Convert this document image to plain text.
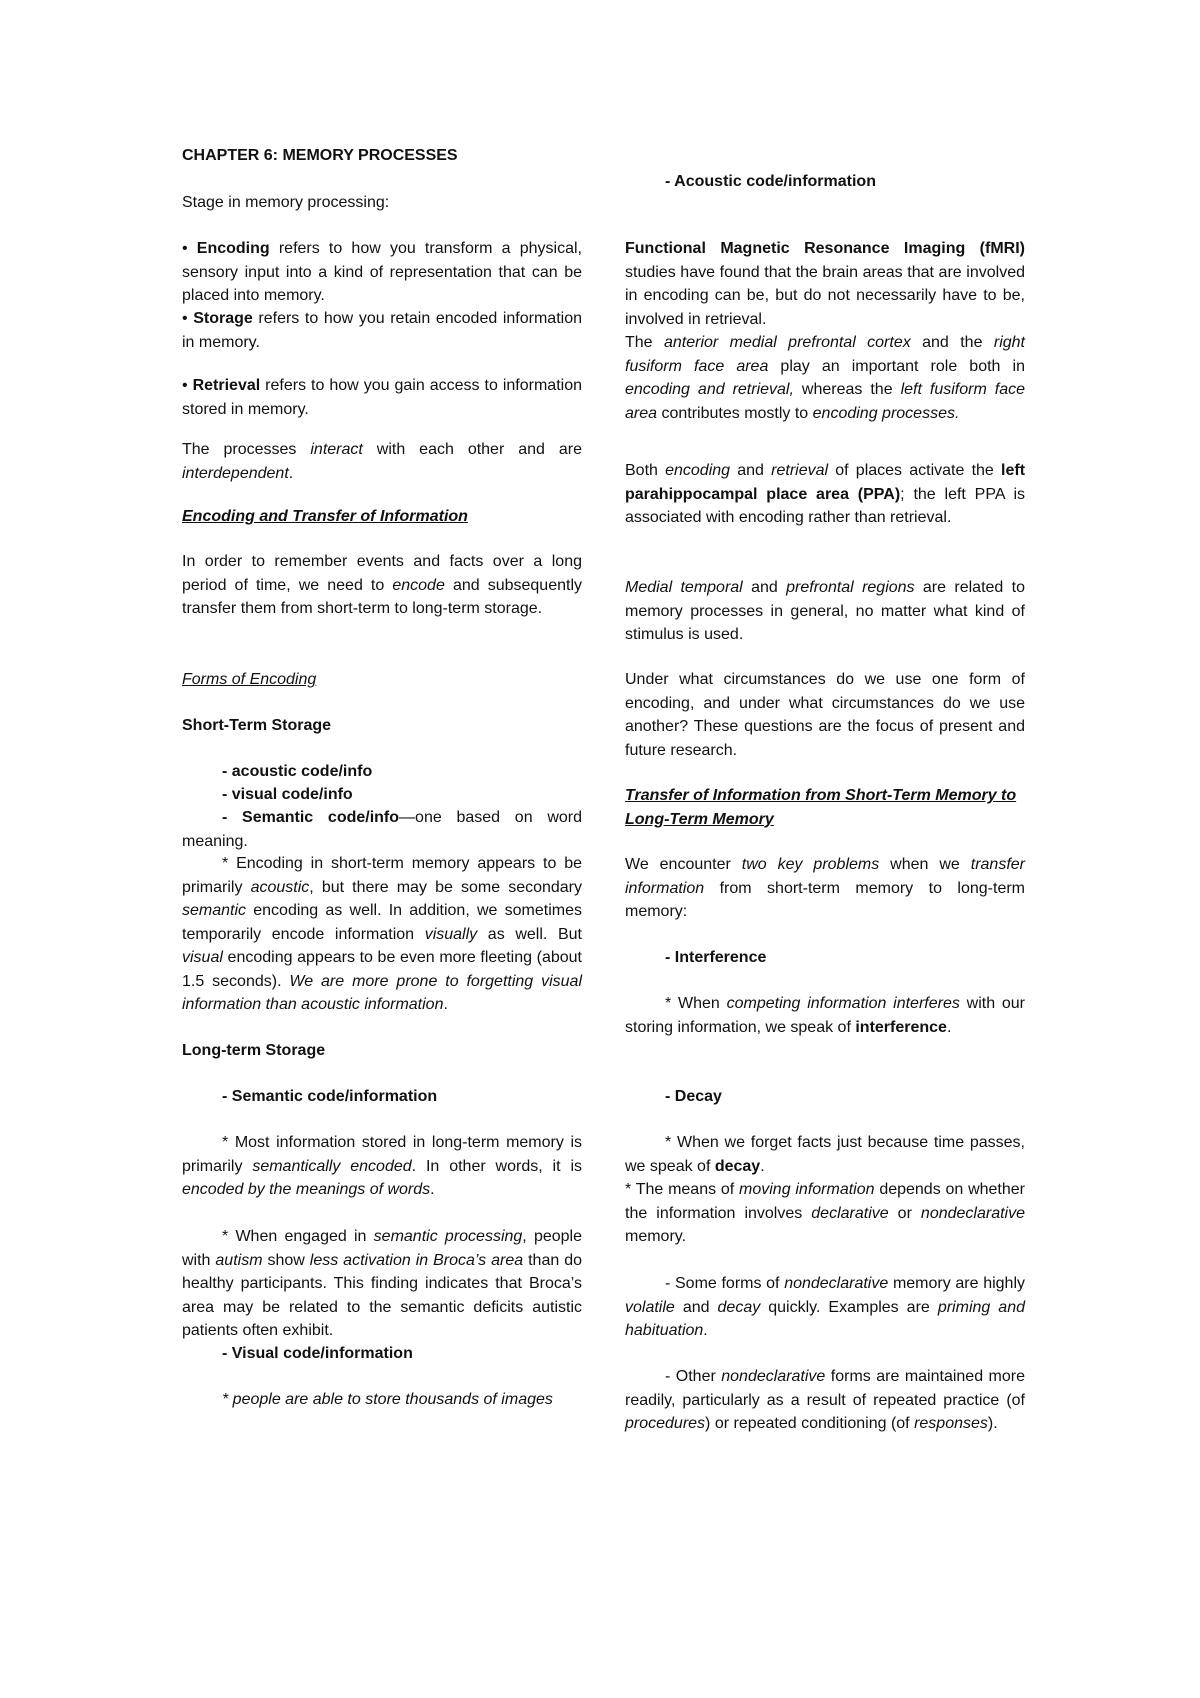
CHAPTER 6: MEMORY PROCESSES

Stage in memory processing:

• Encoding refers to how you transform a physical, sensory input into a kind of representation that can be placed into memory.

• Storage refers to how you retain encoded information in memory.

• Retrieval refers to how you gain access to information stored in memory.

The processes interact with each other and are interdependent.

Encoding and Transfer of Information

In order to remember events and facts over a long period of time, we need to encode and subsequently transfer them from short-term to long-term storage.

Forms of Encoding

Short-Term Storage

- acoustic code/info

- visual code/info

- Semantic code/info—one based on word meaning.

* Encoding in short-term memory appears to be primarily acoustic, but there may be some secondary semantic encoding as well. In addition, we sometimes temporarily encode information visually as well. But visual encoding appears to be even more fleeting (about 1.5 seconds). We are more prone to forgetting visual information than acoustic information.

Long-term Storage

- Semantic code/information

* Most information stored in long-term memory is primarily semantically encoded. In other words, it is encoded by the meanings of words.

* When engaged in semantic processing, people with autism show less activation in Broca’s area than do healthy participants. This finding indicates that Broca’s area may be related to the semantic deficits autistic patients often exhibit.

- Visual code/information

* people are able to store thousands of images

- Acoustic code/information

Functional Magnetic Resonance Imaging (fMRI) studies have found that the brain areas that are involved in encoding can be, but do not necessarily have to be, involved in retrieval.

The anterior medial prefrontal cortex and the right fusiform face area play an important role both in encoding and retrieval, whereas the left fusiform face area contributes mostly to encoding processes.

Both encoding and retrieval of places activate the left parahippocampal place area (PPA); the left PPA is associated with encoding rather than retrieval.

Medial temporal and prefrontal regions are related to memory processes in general, no matter what kind of stimulus is used.

Under what circumstances do we use one form of encoding, and under what circumstances do we use another? These questions are the focus of present and future research.

Transfer of Information from Short-Term Memory to Long-Term Memory

We encounter two key problems when we transfer information from short-term memory to long-term memory:

- Interference

* When competing information interferes with our storing information, we speak of interference.

- Decay

* When we forget facts just because time passes, we speak of decay.

* The means of moving information depends on whether the information involves declarative or nondeclarative memory.

- Some forms of nondeclarative memory are highly volatile and decay quickly. Examples are priming and habituation.

- Other nondeclarative forms are maintained more readily, particularly as a result of repeated practice (of procedures) or repeated conditioning (of responses).
